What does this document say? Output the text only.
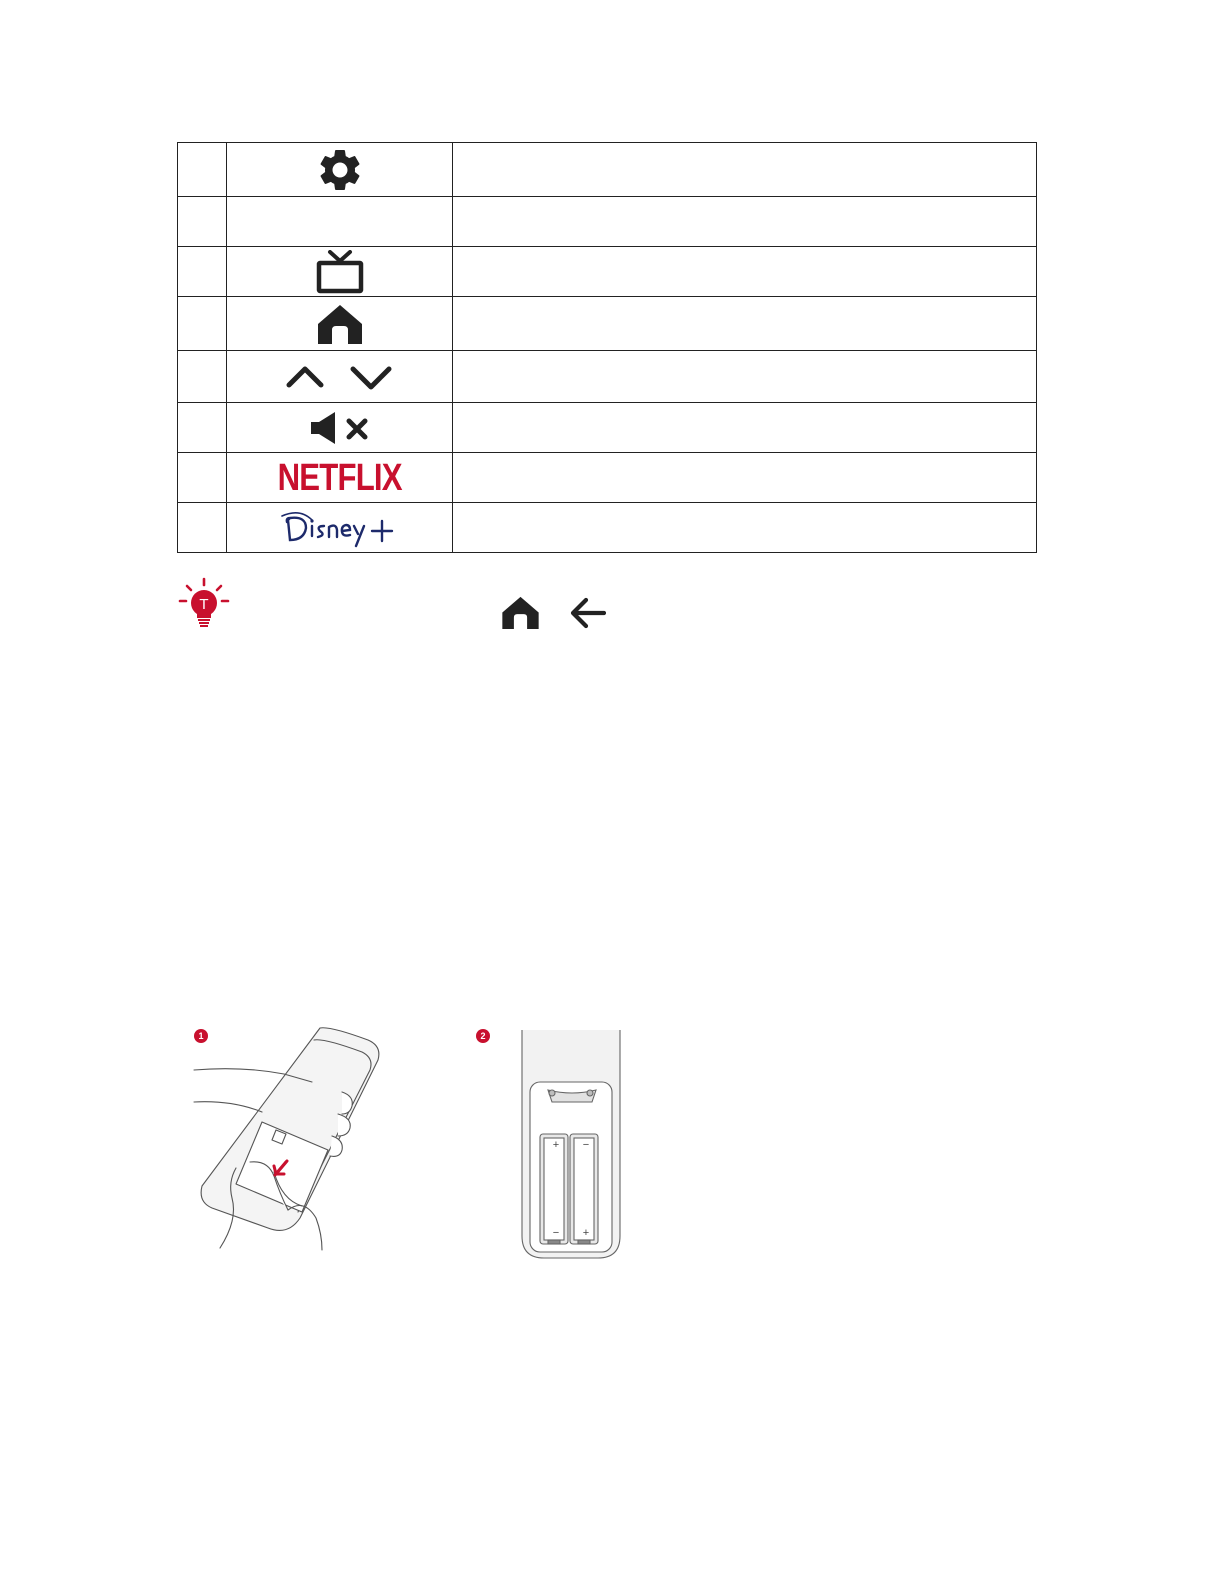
	NETFLIX	

T
1	2
+ −
− +
